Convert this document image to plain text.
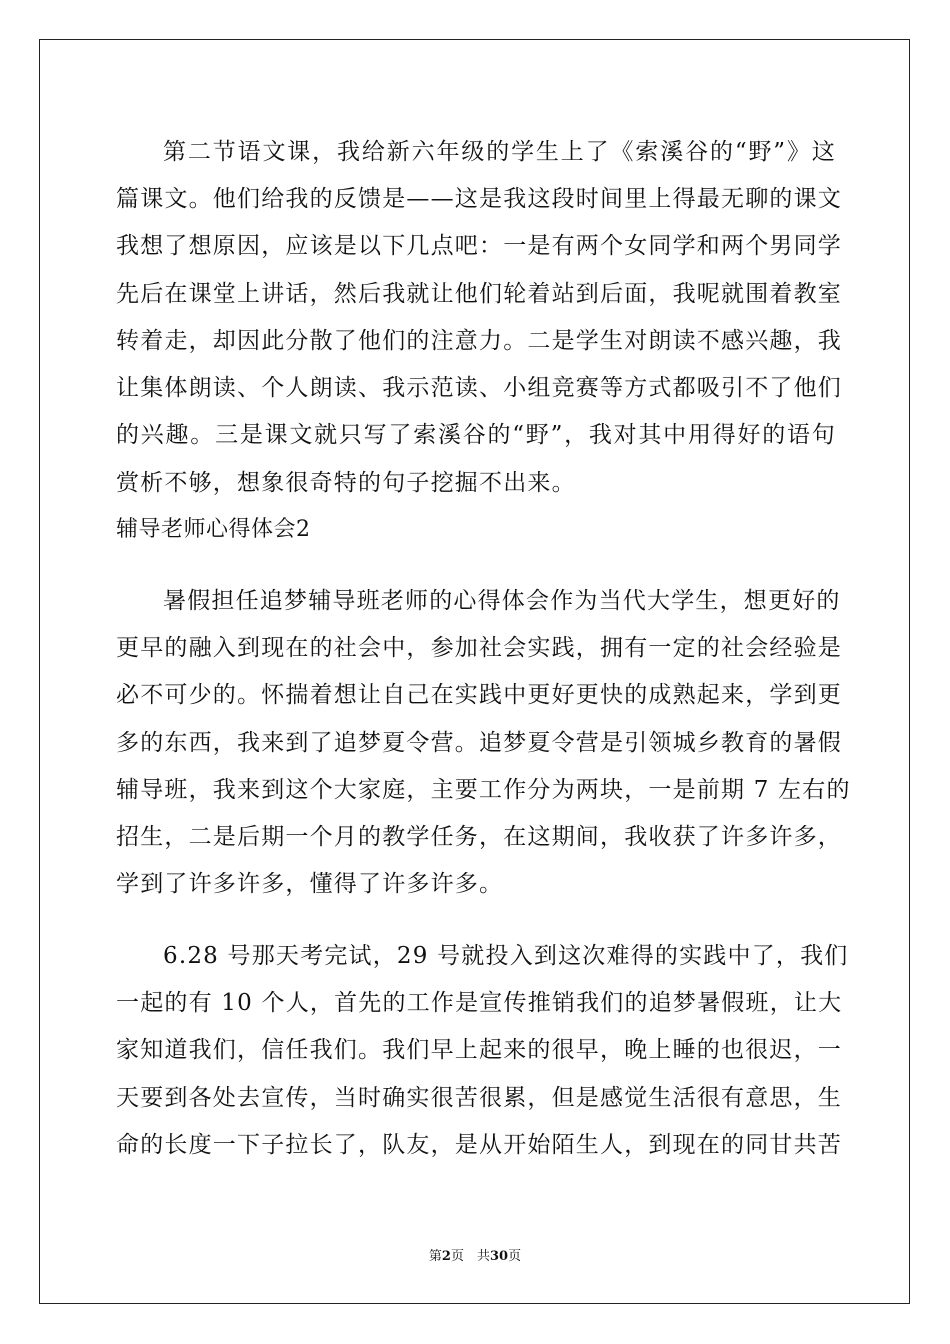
第二节语文课，我给新六年级的学生上了《索溪谷的“野”》这
篇课文。他们给我的反馈是——这是我这段时间里上得最无聊的课文
我想了想原因，应该是以下几点吧：一是有两个女同学和两个男同学
先后在课堂上讲话，然后我就让他们轮着站到后面，我呢就围着教室
转着走，却因此分散了他们的注意力。二是学生对朗读不感兴趣，我
让集体朗读、个人朗读、我示范读、小组竞赛等方式都吸引不了他们
的兴趣。三是课文就只写了索溪谷的“野”，我对其中用得好的语句
赏析不够，想象很奇特的句子挖掘不出来。
辅导老师心得体会2
暑假担任追梦辅导班老师的心得体会作为当代大学生，想更好的
更早的融入到现在的社会中，参加社会实践，拥有一定的社会经验是
必不可少的。怀揣着想让自己在实践中更好更快的成熟起来，学到更
多的东西，我来到了追梦夏令营。追梦夏令营是引领城乡教育的暑假
辅导班，我来到这个大家庭，主要工作分为两块，一是前期 7 左右的
招生，二是后期一个月的教学任务，在这期间，我收获了许多许多，
学到了许多许多，懂得了许多许多。
6.28 号那天考完试，29 号就投入到这次难得的实践中了，我们
一起的有 10 个人，首先的工作是宣传推销我们的追梦暑假班，让大
家知道我们，信任我们。我们早上起来的很早，晚上睡的也很迟，一
天要到各处去宣传，当时确实很苦很累，但是感觉生活很有意思，生
命的长度一下子拉长了，队友，是从开始陌生人，到现在的同甘共苦
第2页　共30页
